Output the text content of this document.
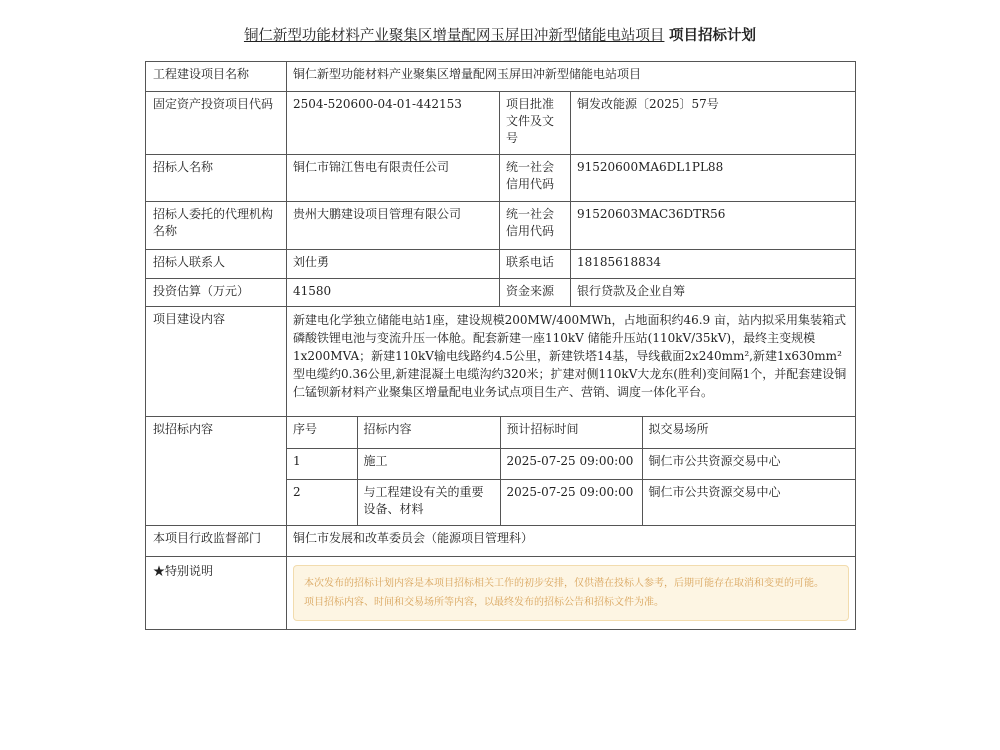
铜仁新型功能材料产业聚集区增量配网玉屏田冲新型储能电站项目 项目招标计划
工程建设项目名称	铜仁新型功能材料产业聚集区增量配网玉屏田冲新型储能电站项目
固定资产投资项目代码	2504-520600-04-01-442153	项目批准文件及文号	铜发改能源〔2025〕57号
招标人名称	铜仁市锦江售电有限责任公司	统一社会信用代码	91520600MA6DL1PL88
招标人委托的代理机构名称	贵州大鹏建设项目管理有限公司	统一社会信用代码	91520603MAC36DTR56
招标人联系人	刘仕勇	联系电话	18185618834
投资估算（万元）	41580	资金来源	银行贷款及企业自筹
项目建设内容	新建电化学独立储能电站1座，建设规模200MW/400MWh，占地面积约46.9 亩，站内拟采用集装箱式磷酸铁锂电池与变流升压一体舱。配套新建一座110kV 储能升压站(110kV/35kV)，最终主变规模1x200MVA；新建110kV输电线路约4.5公里，新建铁塔14基，导线截面2x240mm²,新建1x630mm²型电缆约0.36公里,新建混凝土电缆沟约320米；扩建对侧110kV大龙东(胜利)变间隔1个，并配套建设铜仁锰钡新材料产业聚集区增量配电业务试点项目生产、营销、调度一体化平台。
拟招标内容		序号	招标内容	预计招标时间	拟交易场所
1	施工	2025-07-25 09:00:00	铜仁市公共资源交易中心
2	与工程建设有关的重要设备、材料	2025-07-25 09:00:00	铜仁市公共资源交易中心

本项目行政监督部门	铜仁市发展和改革委员会（能源项目管理科）
★特别说明	
本次发布的招标计划内容是本项目招标相关工作的初步安排，仅供潜在投标人参考，后期可能存在取消和变更的可能。
项目招标内容、时间和交易场所等内容，以最终发布的招标公告和招标文件为准。
